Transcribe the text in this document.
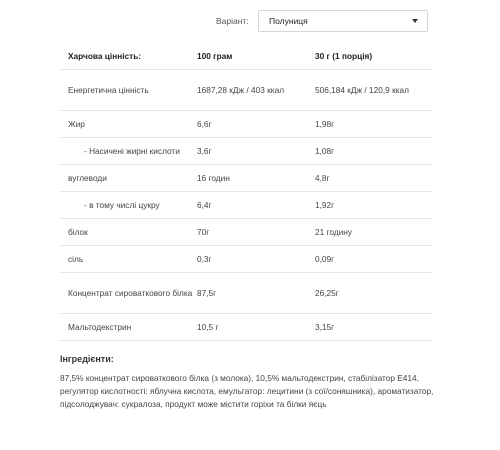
Варіант:	Полуниця
Харчова цінність:	100 грам	30 г (1 порція)
Енергетична цінність	1687,28 кДж / 403 ккал	506,184 кДж / 120,9 ккал
Жир	6,6г	1,98г
- Насичені жирні кислоти	3,6г	1,08г
вуглеводи	16 годин	4,8г
- в тому числі цукру	6,4г	1,92г
білок	70г	21 годину
сіль	0,3г	0,09г
Концентрат сироваткового білка	87,5г	26,25г
Мальтодекстрин	10,5 г	3,15г
Інгредієнти:
87,5% концентрат сироваткового білка (з молока), 10,5% мальтодекстрин, стабілізатор E414, регулятор кислотності: яблучна кислота, емульгатор: лецитини (з сої/соняшника), ароматизатор, підсолоджувач: сукралоза, продукт може містити горіхи та білки яєць
